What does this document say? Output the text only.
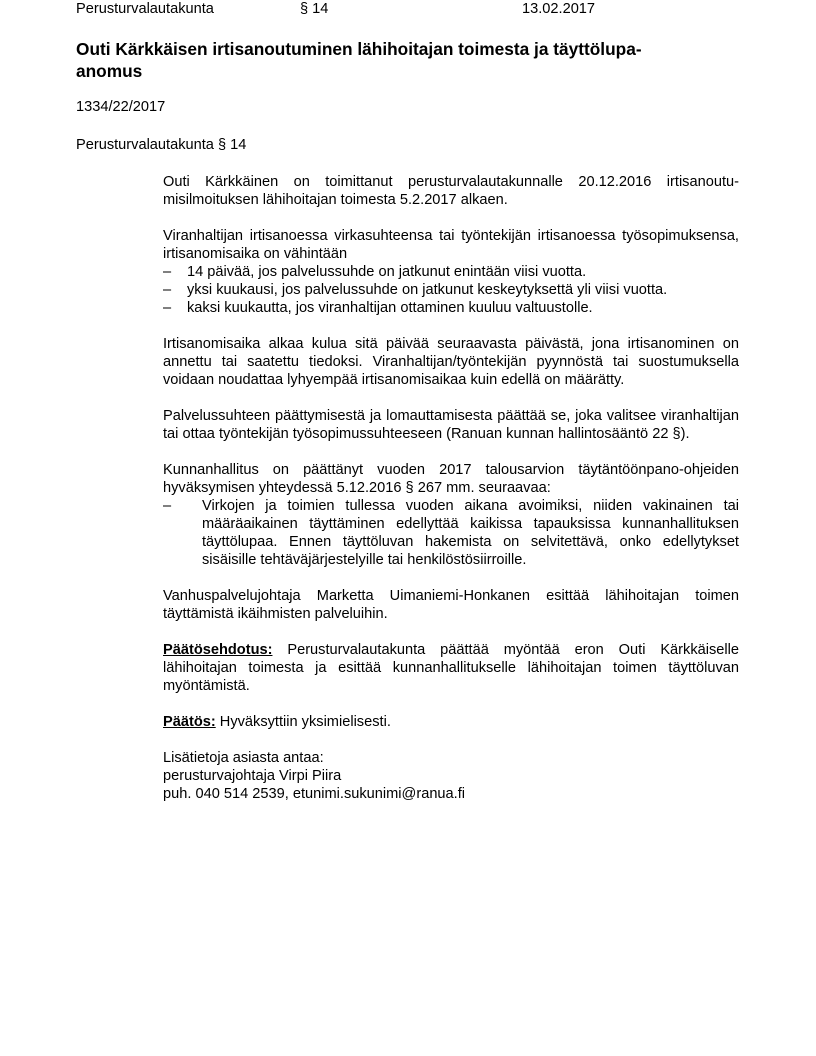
Perusturvalautakunta	§ 14	13.02.2017
Outi Kärkkäisen irtisanoutuminen lähihoitajan toimesta ja täyttölupa-anomus
1334/22/2017
Perusturvalautakunta § 14

Outi Kärkkäinen on toimittanut perusturvalautakunnalle 20.12.2016 irtisanoutumisilmoituksen lähihoitajan toimesta 5.2.2017 alkaen.

Viranhaltijan irtisanoessa virkasuhteensa tai työntekijän irtisanoessa työsopimuksensa, irtisanomisaika on vähintään

– 14 päivää, jos palvelussuhde on jatkunut enintään viisi vuotta.
– yksi kuukausi, jos palvelussuhde on jatkunut keskeytyksettä yli viisi vuotta.
– kaksi kuukautta, jos viranhaltijan ottaminen kuuluu valtuustolle.

Irtisanomisaika alkaa kulua sitä päivää seuraavasta päivästä, jona irtisanominen on annettu tai saatettu tiedoksi. Viranhaltijan/työntekijän pyynnöstä tai suostumuksella voidaan noudattaa lyhyempää irtisanomisaikaa kuin edellä on määrätty.

Palvelussuhteen päättymisestä ja lomauttamisesta päättää se, joka valitsee viranhaltijan tai ottaa työntekijän työsopimussuhteeseen (Ranuan kunnan hallintosääntö 22 §).

Kunnanhallitus on päättänyt vuoden 2017 talousarvion täytäntöönpano-ohjeiden hyväksymisen yhteydessä 5.12.2016 § 267 mm. seuraavaa:

– Virkojen ja toimien tullessa vuoden aikana avoimiksi, niiden vakinainen tai määräaikainen täyttäminen edellyttää kaikissa tapauksissa kunnanhallituksen täyttölupaa. Ennen täyttöluvan hakemista on selvitettävä, onko edellytykset sisäisille tehtäväjärjestelyille tai henkilöstösiirroille.

Vanhuspalvelujohtaja Marketta Uimaniemi-Honkanen esittää lähihoitajan toimen täyttämistä ikäihmisten palveluihin.

Päätösehdotus: Perusturvalautakunta päättää myöntää eron Outi Kärkkäiselle lähihoitajan toimesta ja esittää kunnanhallitukselle lähihoitajan toimen täyttöluvan myöntämistä.

Päätös: Hyväksyttiin yksimielisesti.

Lisätietoja asiasta antaa:
perusturvajohtaja Virpi Piira
puh. 040 514 2539, etunimi.sukunimi@ranua.fi
